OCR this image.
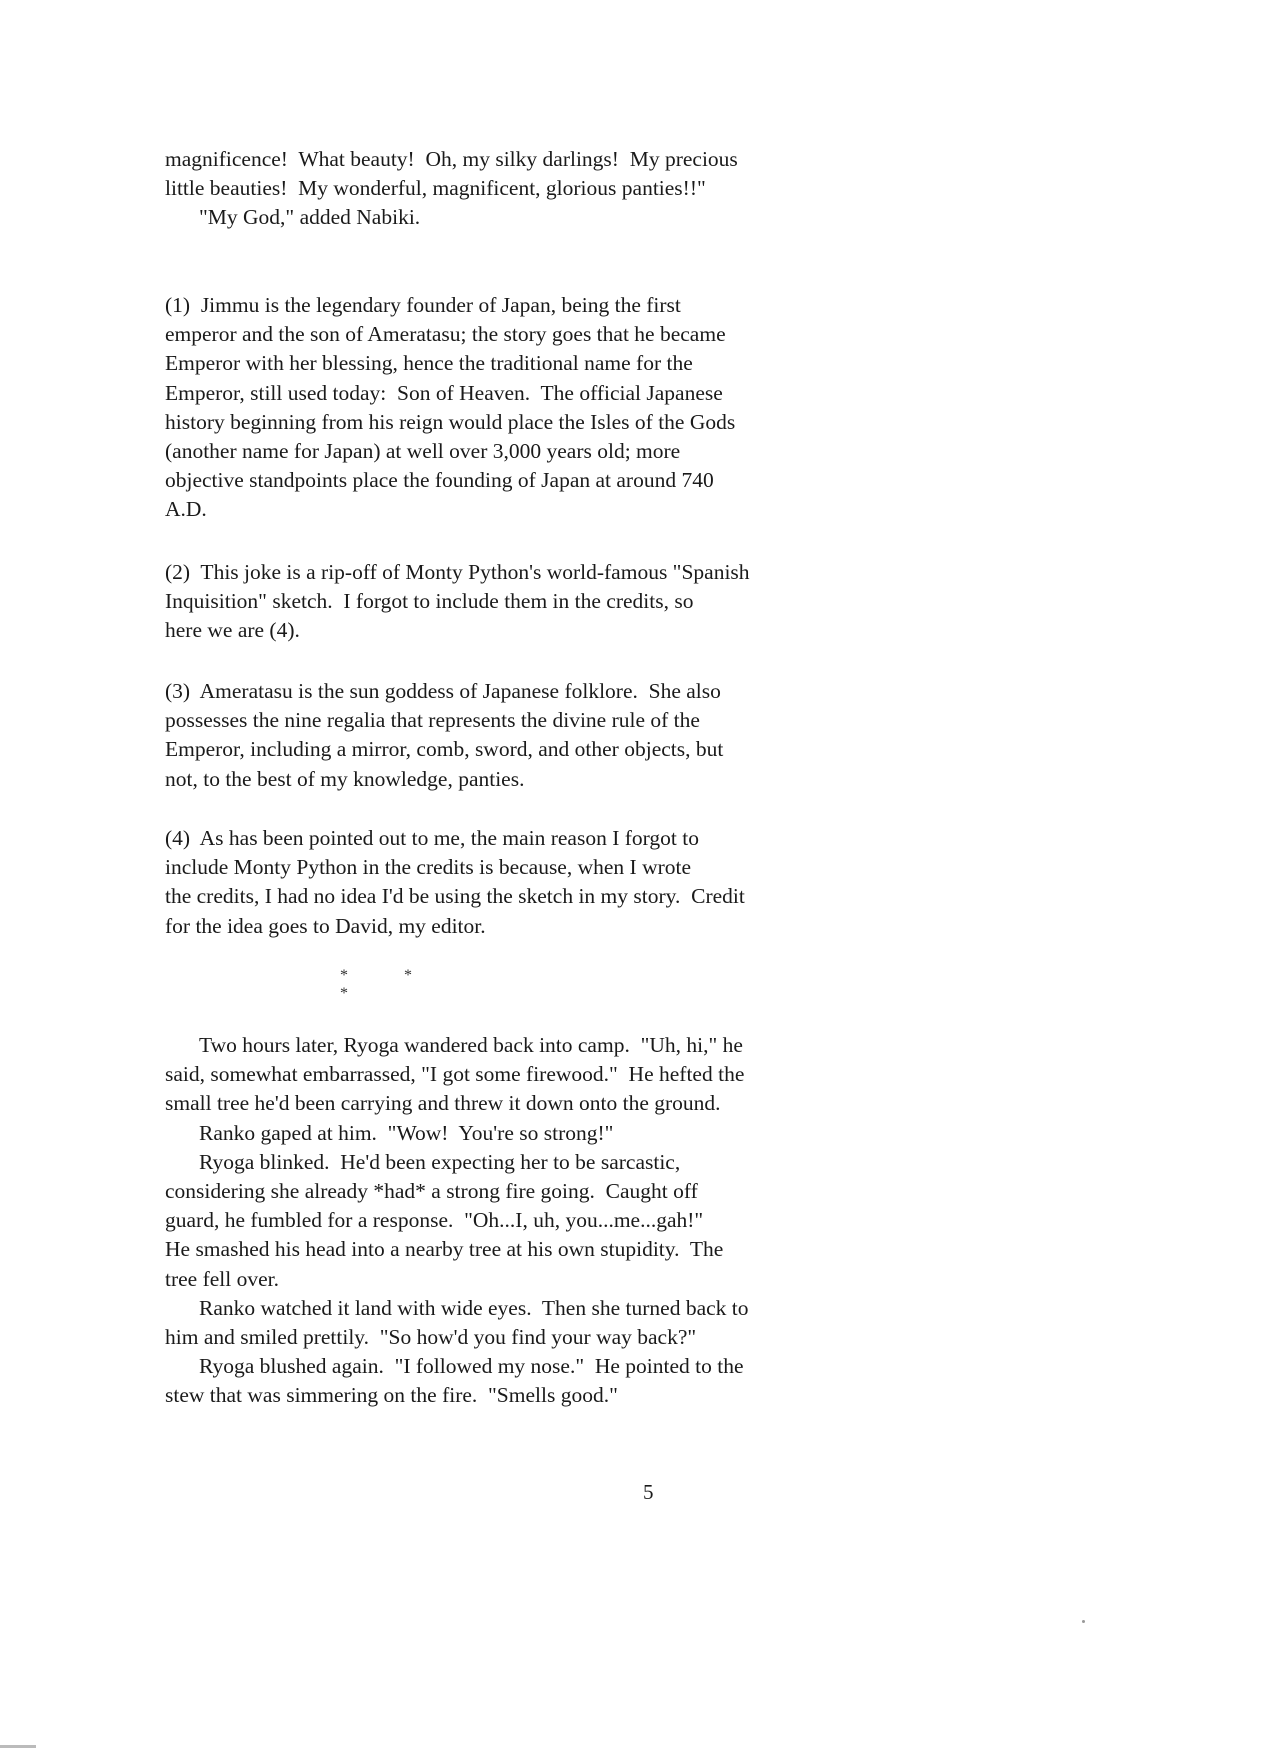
magnificence!  What beauty!  Oh, my silky darlings!  My precious
little beauties!  My wonderful, magnificent, glorious panties!!"
"My God," added Nabiki.
(1)  Jimmu is the legendary founder of Japan, being the first
emperor and the son of Ameratasu; the story goes that he became
Emperor with her blessing, hence the traditional name for the
Emperor, still used today:  Son of Heaven.  The official Japanese
history beginning from his reign would place the Isles of the Gods
(another name for Japan) at well over 3,000 years old; more
objective standpoints place the founding of Japan at around 740
A.D.
(2)  This joke is a rip-off of Monty Python's world-famous "Spanish
Inquisition" sketch.  I forgot to include them in the credits, so
here we are (4).
(3)  Ameratasu is the sun goddess of Japanese folklore.  She also
possesses the nine regalia that represents the divine rule of the
Emperor, including a mirror, comb, sword, and other objects, but
not, to the best of my knowledge, panties.
(4)  As has been pointed out to me, the main reason I forgot to
include Monty Python in the credits is because, when I wrote
the credits, I had no idea I'd be using the sketch in my story.  Credit
for the idea goes to David, my editor.
* * *
Two hours later, Ryoga wandered back into camp.  "Uh, hi," he
said, somewhat embarrassed, "I got some firewood."  He hefted the
small tree he'd been carrying and threw it down onto the ground.
Ranko gaped at him.  "Wow!  You're so strong!"
Ryoga blinked.  He'd been expecting her to be sarcastic,
considering she already *had* a strong fire going.  Caught off
guard, he fumbled for a response.  "Oh...I, uh, you...me...gah!"
He smashed his head into a nearby tree at his own stupidity.  The
tree fell over.
Ranko watched it land with wide eyes.  Then she turned back to
him and smiled prettily.  "So how'd you find your way back?"
Ryoga blushed again.  "I followed my nose."  He pointed to the
stew that was simmering on the fire.  "Smells good."
5
